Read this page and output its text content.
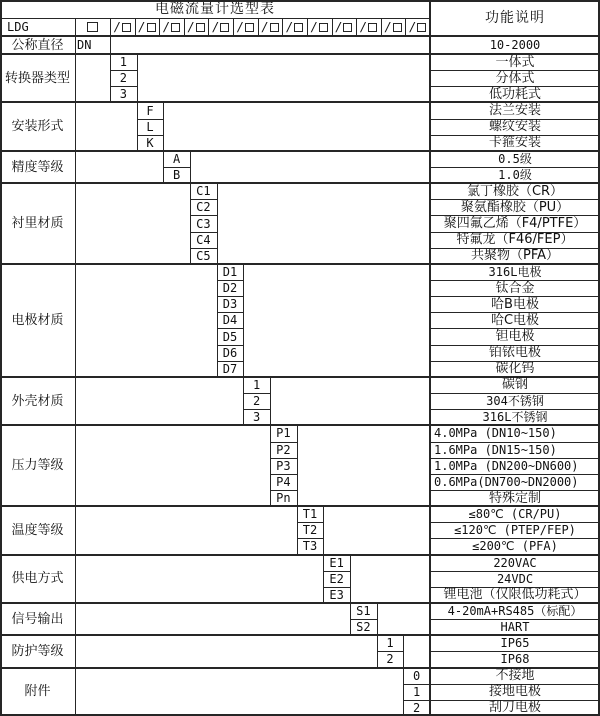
电磁流量计选型表
功能说明
LDG	/ / / / / / / / / / / / /
公称直径	DN	10-2000
转换器类型
1	一体式
2	分体式
3	低功耗式
安装形式
F	法兰安装
L	螺纹安装
K	卡箍安装
精度等级
A	0.5级
B	1.0级
衬里材质
C1	氯丁橡胶（CR）
C2	聚氨酯橡胶（PU）
C3	聚四氟乙烯（F4/PTFE）
C4	特氟龙（F46/FEP）
C5	共聚物（PFA）
电极材质
D1	316L电极
D2	钛合金
D3	哈B电极
D4	哈C电极
D5	钽电极
D6	铂铱电极
D7	碳化钨
外壳材质
1	碳钢
2	304不锈钢
3	316L不锈钢
压力等级
P1	4.0MPa (DN10~150)
P2	1.6MPa (DN15~150)
P3	1.0MPa (DN200~DN600)
P4	0.6MPa(DN700~DN2000)
Pn	特殊定制
温度等级
T1	≤80℃ (CR/PU)
T2	≤120℃ (PTEP/FEP)
T3	≤200℃ (PFA)
供电方式
E1	220VAC
E2	24VDC
E3	锂电池（仅限低功耗式）
信号输出
S1	4-20mA+RS485（标配）
S2	HART
防护等级
1	IP65
2	IP68
附件
0	不接地
1	接地电极
2	刮刀电极
